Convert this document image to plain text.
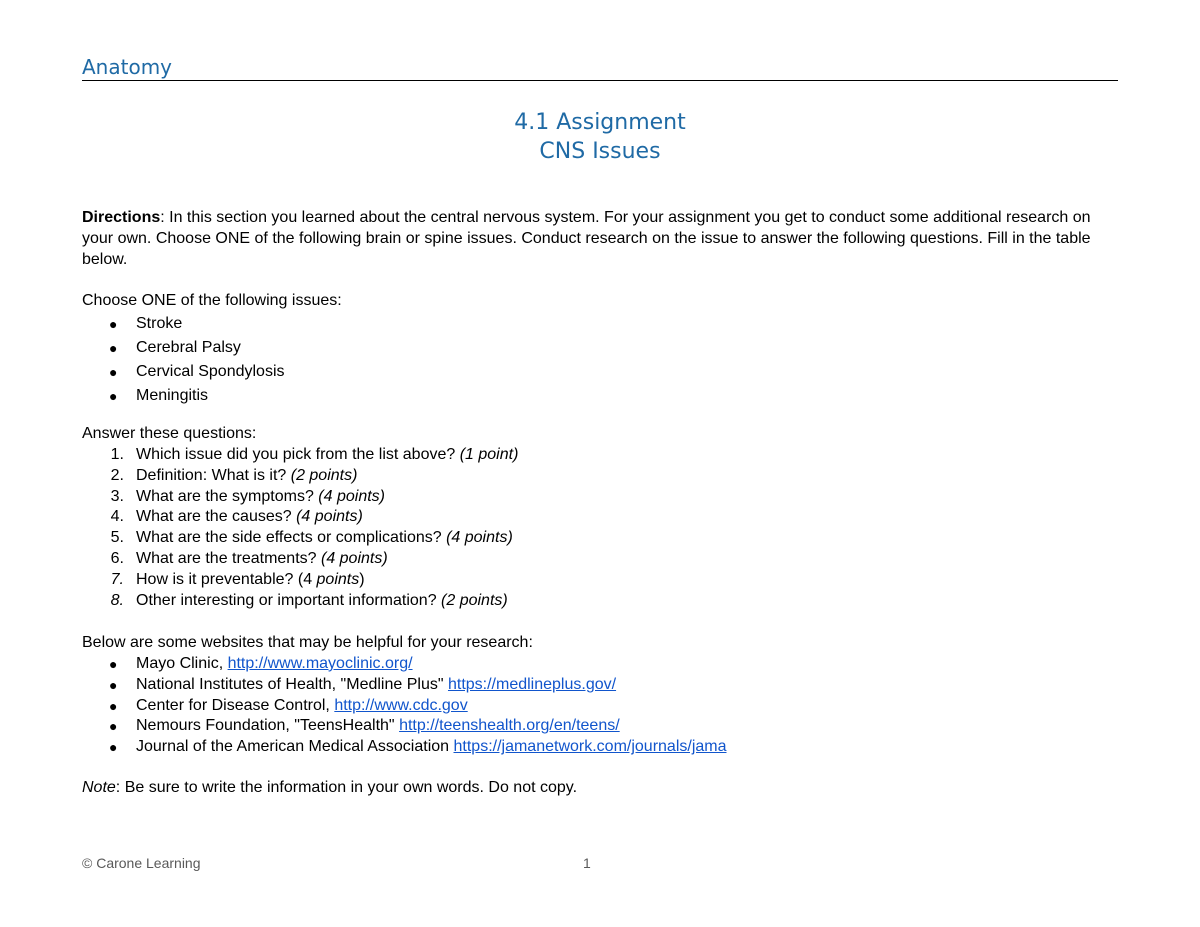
Anatomy
4.1 Assignment
CNS Issues
Directions: In this section you learned about the central nervous system. For your assignment you get to conduct some additional research on your own. Choose ONE of the following brain or spine issues. Conduct research on the issue to answer the following questions. Fill in the table below.
Choose ONE of the following issues:
● Stroke
● Cerebral Palsy
● Cervical Spondylosis
● Meningitis
Answer these questions:
1. Which issue did you pick from the list above? (1 point)
2. Definition: What is it? (2 points)
3. What are the symptoms? (4 points)
4. What are the causes? (4 points)
5. What are the side effects or complications? (4 points)
6. What are the treatments? (4 points)
7. How is it preventable? (4 points)
8. Other interesting or important information? (2 points)
Below are some websites that may be helpful for your research:
● Mayo Clinic, http://www.mayoclinic.org/
● National Institutes of Health, "Medline Plus" https://medlineplus.gov/
● Center for Disease Control, http://www.cdc.gov
● Nemours Foundation, "TeensHealth" http://teenshealth.org/en/teens/
● Journal of the American Medical Association https://jamanetwork.com/journals/jama
Note: Be sure to write the information in your own words. Do not copy.
© Carone Learning	1
